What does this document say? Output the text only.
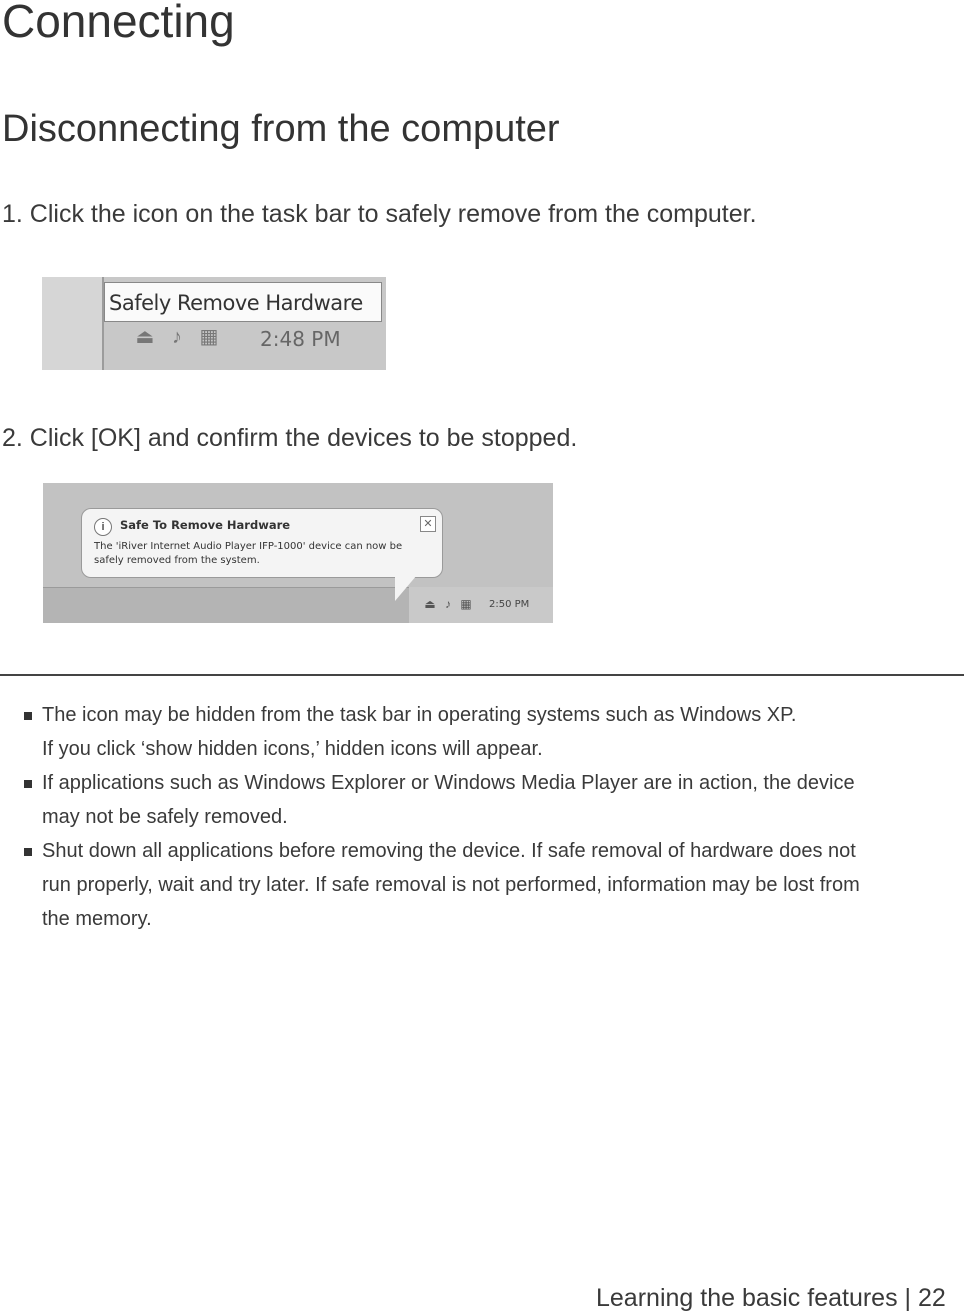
Connecting
Disconnecting from the computer
1. Click the icon on the task bar to safely remove from the computer.
Safely Remove Hardware
⏏ ♪ ▦ 2:48 PM
2. Click [OK] and confirm the devices to be stopped.
i	Safe To Remove Hardware	✕
The 'iRiver Internet Audio Player IFP-1000' device can now be
safely removed from the system.
⏏ ♪ ▦ 2:50 PM
The icon may be hidden from the task bar in operating systems such as Windows XP.
If you click ‘show hidden icons,’ hidden icons will appear.
If applications such as Windows Explorer or Windows Media Player are in action, the device
may not be safely removed.
Shut down all applications before removing the device. If safe removal of hardware does not
run properly, wait and try later. If safe removal is not performed, information may be lost from
the memory.
Learning the basic features | 22
